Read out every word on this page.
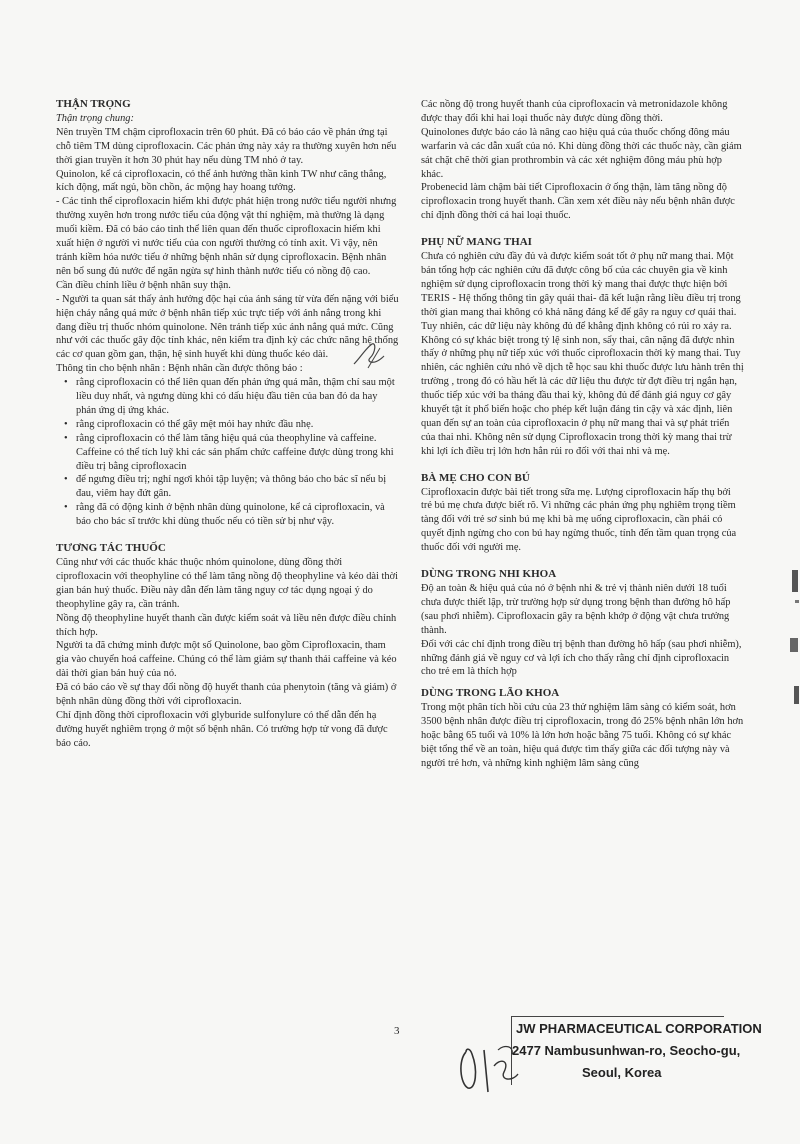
THẬN TRỌNG

Thận trọng chung:

Nên truyền TM chậm ciprofloxacin trên 60 phút. Đã có báo cáo về phản ứng tại chỗ tiêm TM dùng ciprofloxacin. Các phản ứng này xảy ra thường xuyên hơn nếu thời gian truyền ít hơn 30 phút hay nếu dùng TM nhỏ ở tay.

Quinolon, kể cả ciprofloxacin, có thể ảnh hưởng thần kinh TW như căng thẳng, kích động, mất ngủ, bồn chồn, ác mộng hay hoang tưởng.

- Các tinh thể ciprofloxacin hiếm khi được phát hiện trong nước tiểu người nhưng thường xuyên hơn trong nước tiểu của động vật thí nghiệm, mà thường là dạng muối kiềm. Đã có báo cáo tinh thể liên quan đến thuốc ciprofloxacin hiếm khi xuất hiện ở người vì nước tiểu của con người thường có tính axit. Vì vậy, nên tránh kiềm hóa nước tiểu ở những bệnh nhân sử dụng ciprofloxacin. Bệnh nhân nên bổ sung đủ nước để ngăn ngừa sự hình thành nước tiểu có nồng độ cao.

Cần điều chỉnh liều ở bệnh nhân suy thận.

- Người ta quan sát thấy ảnh hưởng độc hại của ánh sáng từ vừa đến nặng với biểu hiện cháy nắng quá mức ở bệnh nhân tiếp xúc trực tiếp với ánh nắng trong khi đang điều trị thuốc nhóm quinolone. Nên tránh tiếp xúc ánh nắng quá mức. Cũng như với các thuốc gây độc tính khác, nên kiểm tra định kỳ các chức năng hệ thống các cơ quan gồm gan, thận, hệ sinh huyết khi dùng thuốc kéo dài.

Thông tin cho bệnh nhân : Bệnh nhân cần được thông báo :

• rằng ciprofloxacin có thể liên quan đến phản ứng quá mẫn, thậm chí sau một liều duy nhất, và ngưng dùng khi có dấu hiệu đầu tiên của ban đỏ da hay phản ứng dị ứng khác.
• rằng ciprofloxacin có thể gây mệt mỏi hay nhức đầu nhẹ.
• rằng ciprofloxacin có thể làm tăng hiệu quả của theophyline và caffeine. Caffeine có thể tích luỹ khi các sản phẩm chức caffeine được dùng trong khi điều trị bằng ciprofloxacin
• để ngưng điều trị; nghỉ ngơi khỏi tập luyện; và thông báo cho bác sĩ nếu bị đau, viêm hay đứt gân.
• rằng đã có động kinh ở bệnh nhân dùng quinolone, kể cả ciprofloxacin, và báo cho bác sĩ trước khi dùng thuốc nếu có tiền sử bị như vậy.

TƯƠNG TÁC THUỐC

Cũng như với các thuốc khác thuộc nhóm quinolone, dùng đồng thời ciprofloxacin với theophyline có thể làm tăng nồng độ theophyline và kéo dài thời gian bán huỷ thuốc. Điều này dẫn đến làm tăng nguy cơ tác dụng ngoại ý do theophyline gây ra, cần tránh.

Nồng độ theophyline huyết thanh cần được kiểm soát và liều nên được điều chỉnh thích hợp.

Người ta đã chứng minh được một số Quinolone, bao gồm Ciprofloxacin, tham gia vào chuyển hoá caffeine. Chúng có thể làm giảm sự thanh thải caffeine và kéo dài thời gian bán huỷ của nó.

Đã có báo cáo về sự thay đổi nồng độ huyết thanh của phenytoin (tăng và giảm) ở bệnh nhân dùng đồng thời với ciprofloxacin.

Chỉ định đồng thời ciprofloxacin với glyburide sulfonylure có thể dẫn đến hạ đường huyết nghiêm trọng ở một số bệnh nhân. Có trường hợp tử vong đã được báo cáo.

Các nồng độ trong huyết thanh của ciprofloxacin và metronidazole không được thay đổi khi hai loại thuốc này được dùng đồng thời.

Quinolones được báo cáo là nâng cao hiệu quả của thuốc chống đông máu warfarin và các dẫn xuất của nó. Khi dùng đồng thời các thuốc này, cần giám sát chặt chẽ thời gian prothrombin và các xét nghiệm đông máu phù hợp khác.

Probenecid làm chậm bài tiết Ciprofloxacin ở ống thận, làm tăng nồng độ ciprofloxacin trong huyết thanh. Cần xem xét điều này nếu bệnh nhân được chỉ định đồng thời cả hai loại thuốc.

PHỤ NỮ MANG THAI

Chưa có nghiên cứu đầy đủ và được kiểm soát tốt ở phụ nữ mang thai. Một bản tổng hợp các nghiên cứu đã được công bố của các chuyên gia về kinh nghiệm sử dụng ciprofloxacin trong thời kỳ mang thai được thực hiện bởi TERIS - Hệ thống thông tin gây quái thai- đã kết luận rằng liều điều trị trong thời gian mang thai không có khả năng đáng kể để gây ra nguy cơ quái thai. Tuy nhiên, các dữ liệu này không đủ để khẳng định không có rủi ro xảy ra.

Không có sự khác biệt trong tỷ lệ sinh non, sẩy thai, cân nặng đã được nhìn thấy ở những phụ nữ tiếp xúc với thuốc ciprofloxacin thời kỳ mang thai. Tuy nhiên, các nghiên cứu nhỏ về dịch tễ học sau khi thuốc được lưu hành trên thị trường , trong đó có hầu hết là các dữ liệu thu được từ đợt điều trị ngắn hạn, thuốc tiếp xúc với ba tháng đầu thai kỳ, không đủ để đánh giá nguy cơ gây khuyết tật ít phổ biến hoặc cho phép kết luận đáng tin cậy và xác định, liên quan đến sự an toàn của ciprofloxacin ở phụ nữ mang thai và sự phát triển của thai nhi. Không nên sử dụng Ciprofloxacin trong thời kỳ mang thai trừ khi lợi ích điều trị lớn hơn hẳn rủi ro đối với thai nhi và mẹ.

BÀ MẸ CHO CON BÚ

Ciprofloxacin được bài tiết trong sữa mẹ. Lượng ciprofloxacin hấp thụ bởi trẻ bú mẹ chưa được biết rõ. Vì những các phản ứng phụ nghiêm trọng tiềm tàng đối với trẻ sơ sinh bú mẹ khi bà mẹ uống ciprofloxacin, cần phải có quyết định ngừng cho con bú hay ngừng thuốc, tính đến tầm quan trọng của thuốc đối với người mẹ.

DÙNG TRONG NHI KHOA

Độ an toàn & hiệu quả của nó ở bệnh nhi & trẻ vị thành niên dưới 18 tuổi chưa được thiết lập, trừ trường hợp sử dụng trong bệnh than đường hô hấp (sau phơi nhiễm). Ciprofloxacin gây ra bệnh khớp ở động vật chưa trưởng thành.

Đối với các chỉ định trong điều trị bệnh than đường hô hấp (sau phơi nhiễm), những đánh giá về nguy cơ và lợi ích cho thấy rằng chỉ định ciprofloxacin cho trẻ em là thích hợp

DÙNG TRONG LÃO KHOA

Trong một phân tích hồi cứu của 23 thử nghiệm lâm sàng có kiểm soát, hơn 3500 bệnh nhân được điều trị ciprofloxacin, trong đó 25% bệnh nhân lớn hơn hoặc bằng 65 tuổi và 10% là lớn hơn hoặc bằng 75 tuổi. Không có sự khác biệt tổng thể về an toàn, hiệu quả được tìm thấy giữa các đối tượng này và người trẻ hơn, và những kinh nghiệm lâm sàng cũng

3	JW PHARMACEUTICAL CORPORATION
2477 Nambusunhwan-ro, Seocho-gu,
Seoul, Korea
